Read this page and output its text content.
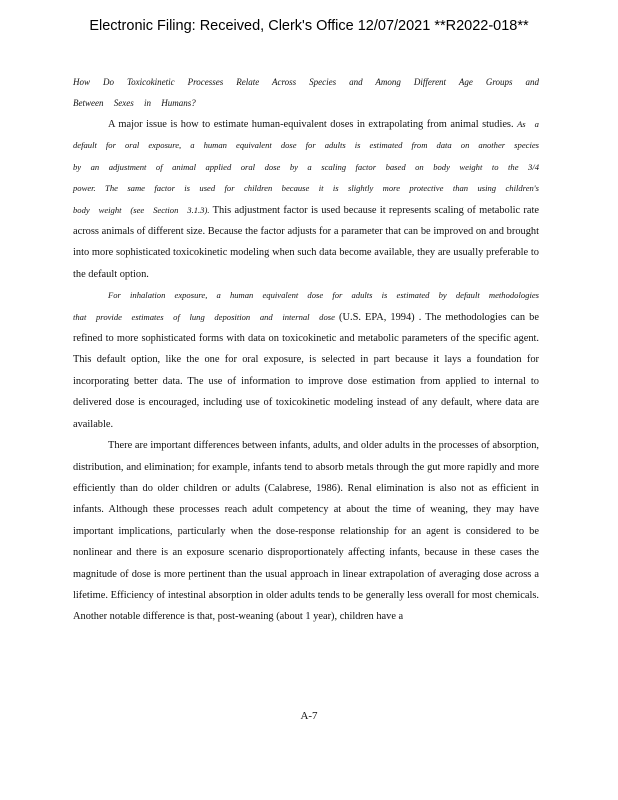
Electronic Filing: Received, Clerk's Office 12/07/2021 **R2022-018**
How Do Toxicokinetic Processes Relate Across Species and Among Different Age Groups and Between Sexes in Humans?

A major issue is how to estimate human-equivalent doses in extrapolating from animal studies. As a default for oral exposure, a human equivalent dose for adults is estimated from data on another species by an adjustment of animal applied oral dose by a scaling factor based on body weight to the 3/4 power. The same factor is used for children because it is slightly more protective than using children's body weight (see Section 3.1.3). This adjustment factor is used because it represents scaling of metabolic rate across animals of different size. Because the factor adjusts for a parameter that can be improved on and brought into more sophisticated toxicokinetic modeling when such data become available, they are usually preferable to the default option.

For inhalation exposure, a human equivalent dose for adults is estimated by default methodologies that provide estimates of lung deposition and internal dose (U.S. EPA, 1994) . The methodologies can be refined to more sophisticated forms with data on toxicokinetic and metabolic parameters of the specific agent. This default option, like the one for oral exposure, is selected in part because it lays a foundation for incorporating better data. The use of information to improve dose estimation from applied to internal to delivered dose is encouraged, including use of toxicokinetic modeling instead of any default, where data are available.

There are important differences between infants, adults, and older adults in the processes of absorption, distribution, and elimination; for example, infants tend to absorb metals through the gut more rapidly and more efficiently than do older children or adults (Calabrese, 1986). Renal elimination is also not as efficient in infants. Although these processes reach adult competency at about the time of weaning, they may have important implications, particularly when the dose-response relationship for an agent is considered to be nonlinear and there is an exposure scenario disproportionately affecting infants, because in these cases the magnitude of dose is more pertinent than the usual approach in linear extrapolation of averaging dose across a lifetime. Efficiency of intestinal absorption in older adults tends to be generally less overall for most chemicals. Another notable difference is that, post-weaning (about 1 year), children have a

A-7
